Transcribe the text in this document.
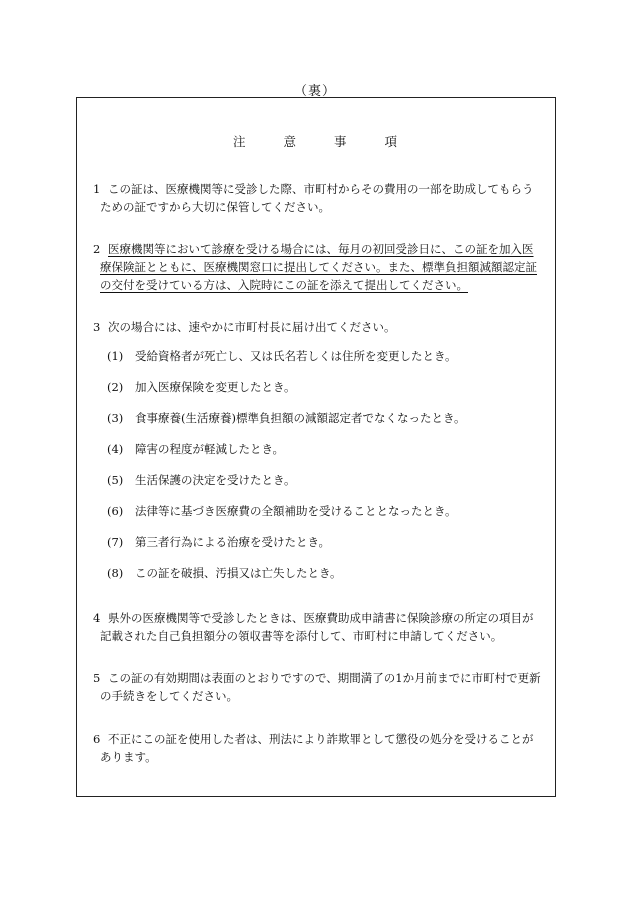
（裏）
注 意 事 項

1 この証は、医療機関等に受診した際、市町村からその費用の一部を助成してもらう
ための証ですから大切に保管してください。

2 医療機関等において診療を受ける場合には、毎月の初回受診日に、この証を加入医
療保険証とともに、医療機関窓口に提出してください。また、標準負担額減額認定証
の交付を受けている方は、入院時にこの証を添えて提出してください。

3 次の場合には、速やかに市町村長に届け出てください。

(1) 受給資格者が死亡し、又は氏名若しくは住所を変更したとき。
(2) 加入医療保険を変更したとき。
(3) 食事療養(生活療養)標準負担額の減額認定者でなくなったとき。
(4) 障害の程度が軽減したとき。
(5) 生活保護の決定を受けたとき。
(6) 法律等に基づき医療費の全額補助を受けることとなったとき。
(7) 第三者行為による治療を受けたとき。
(8) この証を破損、汚損又は亡失したとき。

4 県外の医療機関等で受診したときは、医療費助成申請書に保険診療の所定の項目が
記載された自己負担額分の領収書等を添付して、市町村に申請してください。

5 この証の有効期間は表面のとおりですので、期間満了の1か月前までに市町村で更新
の手続きをしてください。

6 不正にこの証を使用した者は、刑法により詐欺罪として懲役の処分を受けることが
あります。
